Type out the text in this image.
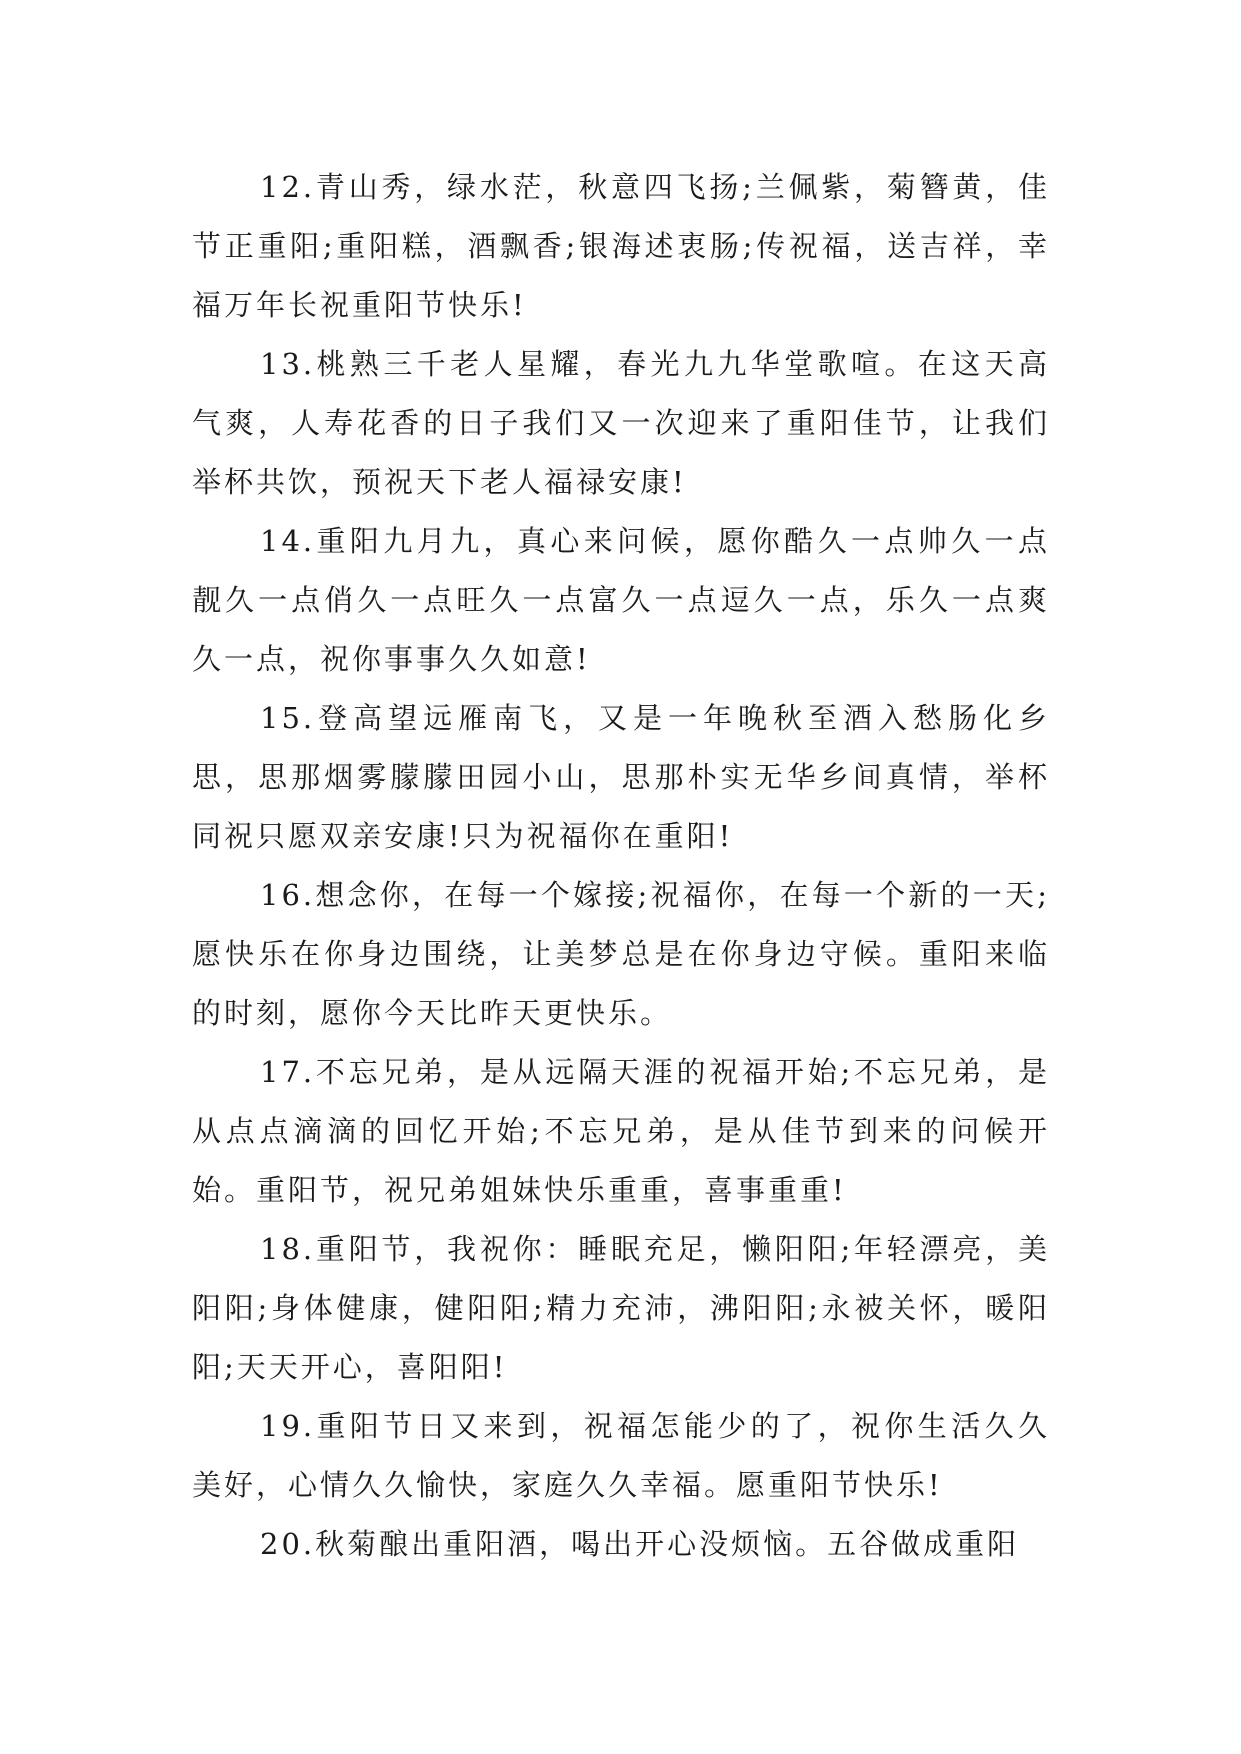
12.青山秀，绿水茫，秋意四飞扬;兰佩紫，菊簪黄，佳节正重阳;重阳糕，酒飘香;银海述衷肠;传祝福，送吉祥，幸福万年长祝重阳节快乐!

13.桃熟三千老人星耀，春光九九华堂歌喧。在这天高气爽，人寿花香的日子我们又一次迎来了重阳佳节，让我们举杯共饮，预祝天下老人福禄安康!

14.重阳九月九，真心来问候，愿你酷久一点帅久一点靓久一点俏久一点旺久一点富久一点逗久一点，乐久一点爽久一点，祝你事事久久如意!

15.登高望远雁南飞，又是一年晚秋至酒入愁肠化乡思，思那烟雾朦朦田园小山，思那朴实无华乡间真情，举杯同祝只愿双亲安康!只为祝福你在重阳!

16.想念你，在每一个嫁接;祝福你，在每一个新的一天;愿快乐在你身边围绕，让美梦总是在你身边守候。重阳来临的时刻，愿你今天比昨天更快乐。

17.不忘兄弟，是从远隔天涯的祝福开始;不忘兄弟，是从点点滴滴的回忆开始;不忘兄弟，是从佳节到来的问候开始。重阳节，祝兄弟姐妹快乐重重，喜事重重!

18.重阳节，我祝你：睡眠充足，懒阳阳;年轻漂亮，美阳阳;身体健康，健阳阳;精力充沛，沸阳阳;永被关怀，暖阳阳;天天开心，喜阳阳!

19.重阳节日又来到，祝福怎能少的了，祝你生活久久美好，心情久久愉快，家庭久久幸福。愿重阳节快乐!

20.秋菊酿出重阳酒，喝出开心没烦恼。五谷做成重阳
